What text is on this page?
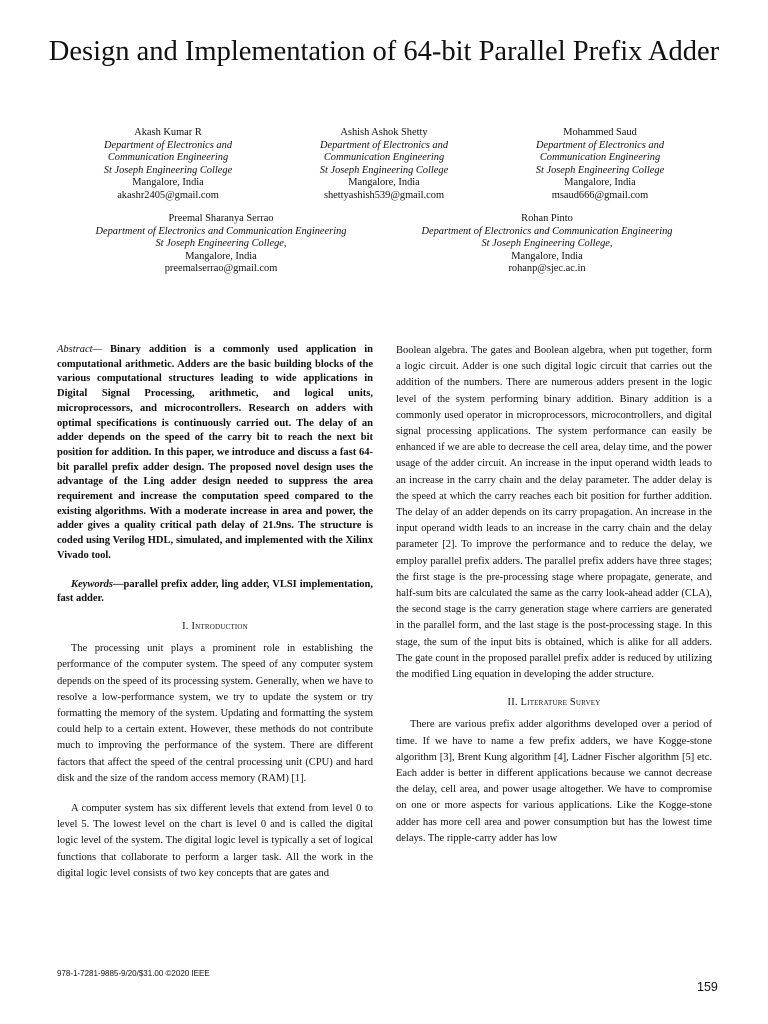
Design and Implementation of 64-bit Parallel Prefix Adder
Akash Kumar R
Department of Electronics and
Communication Engineering
St Joseph Engineering College
Mangalore, India
akashr2405@gmail.com
Ashish Ashok Shetty
Department of Electronics and
Communication Engineering
St Joseph Engineering College
Mangalore, India
shettyashish539@gmail.com
Mohammed Saud
Department of Electronics and
Communication Engineering
St Joseph Engineering College
Mangalore, India
msaud666@gmail.com
Preemal Sharanya Serrao
Department of Electronics and Communication Engineering
St Joseph Engineering College,
Mangalore, India
preemalserrao@gmail.com
Rohan Pinto
Department of Electronics and Communication Engineering
St Joseph Engineering College,
Mangalore, India
rohanp@sjec.ac.in

Abstract— Binary addition is a commonly used application in computational arithmetic. Adders are the basic building blocks of the various computational structures leading to wide applications in Digital Signal Processing, arithmetic, and logical units, microprocessors, and microcontrollers. Research on adders with optimal specifications is continuously carried out. The delay of an adder depends on the speed of the carry bit to reach the next bit position for addition. In this paper, we introduce and discuss a fast 64-bit parallel prefix adder design. The proposed novel design uses the advantage of the Ling adder design needed to suppress the area requirement and increase the computation speed compared to the existing algorithms. With a moderate increase in area and power, the adder gives a quality critical path delay of 21.9ns. The structure is coded using Verilog HDL, simulated, and implemented with the Xilinx Vivado tool.

Keywords—parallel prefix adder, ling adder, VLSI implementation, fast adder.

I. Introduction

The processing unit plays a prominent role in establishing the performance of the computer system. The speed of any computer system depends on the speed of its processing system. Generally, when we have to resolve a low-performance system, we try to update the system or try formatting the memory of the system. Updating and formatting the system could help to a certain extent. However, these methods do not contribute much to improving the performance of the system. There are different factors that affect the speed of the central processing unit (CPU) and hard disk and the size of the random access memory (RAM) [1].

A computer system has six different levels that extend from level 0 to level 5. The lowest level on the chart is level 0 and is called the digital logic level of the system. The digital logic level is typically a set of logical functions that collaborate to perform a larger task. All the work in the digital logic level consists of two key concepts that are gates and

Boolean algebra. The gates and Boolean algebra, when put together, form a logic circuit. Adder is one such digital logic circuit that carries out the addition of the numbers. There are numerous adders present in the logic level of the system performing binary addition. Binary addition is a commonly used operator in microprocessors, microcontrollers, and digital signal processing applications. The system performance can easily be enhanced if we are able to decrease the cell area, delay time, and the power usage of the adder circuit. An increase in the input operand width leads to an increase in the carry chain and the delay parameter. The adder delay is the speed at which the carry reaches each bit position for further addition. The delay of an adder depends on its carry propagation. An increase in the input operand width leads to an increase in the carry chain and the delay parameter [2]. To improve the performance and to reduce the delay, we employ parallel prefix adders. The parallel prefix adders have three stages; the first stage is the pre-processing stage where propagate, generate, and half-sum bits are calculated the same as the carry look-ahead adder (CLA), the second stage is the carry generation stage where carriers are generated in the parallel form, and the last stage is the post-processing stage. In this stage, the sum of the input bits is obtained, which is alike for all adders. The gate count in the proposed parallel prefix adder is reduced by utilizing the modified Ling equation in developing the adder structure.

II. Literature Survey

There are various prefix adder algorithms developed over a period of time. If we have to name a few prefix adders, we have Kogge-stone algorithm [3], Brent Kung algorithm [4], Ladner Fischer algorithm [5] etc. Each adder is better in different applications because we cannot decrease the delay, cell area, and power usage altogether. We have to compromise on one or more aspects for various applications. Like the Kogge-stone adder has more cell area and power consumption but has the lowest time delays. The ripple-carry adder has low

978-1-7281-9885-9/20/$31.00 ©2020 IEEE
159
